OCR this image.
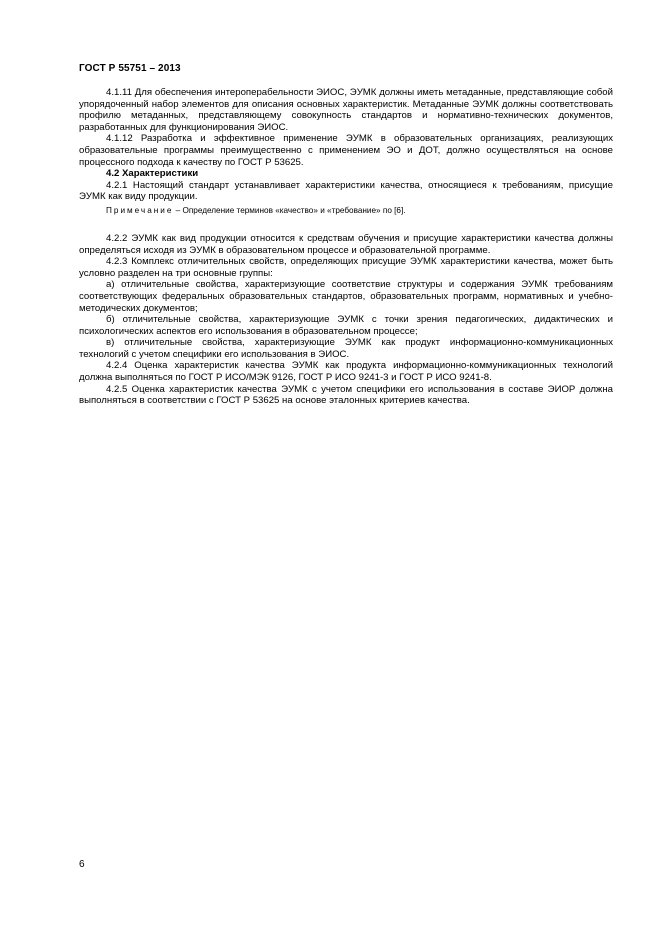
ГОСТ Р 55751 – 2013

4.1.11 Для обеспечения интероперабельности ЭИОС, ЭУМК должны иметь метаданные, представляющие собой упорядоченный набор элементов для описания основных характеристик. Метаданные ЭУМК должны соответствовать профилю метаданных, представляющему совокупность стандартов и нормативно-технических документов, разработанных для функционирования ЭИОС.

4.1.12 Разработка и эффективное применение ЭУМК в образовательных организациях, реализующих образовательные программы преимущественно с применением ЭО и ДОТ, должно осуществляться на основе процессного подхода к качеству по ГОСТ Р 53625.

4.2 Характеристики

4.2.1 Настоящий стандарт устанавливает характеристики качества, относящиеся к требованиям, присущие ЭУМК как виду продукции.

Примечание – Определение терминов «качество» и «требование» по [6].

4.2.2 ЭУМК как вид продукции относится к средствам обучения и присущие характеристики качества должны определяться исходя из ЭУМК в образовательном процессе и образовательной программе.

4.2.3 Комплекс отличительных свойств, определяющих присущие ЭУМК характеристики качества, может быть условно разделен на три основные группы:

а) отличительные свойства, характеризующие соответствие структуры и содержания ЭУМК требованиям соответствующих федеральных образовательных стандартов, образовательных программ, нормативных и учебно-методических документов;

б) отличительные свойства, характеризующие ЭУМК с точки зрения педагогических, дидактических и психологических аспектов его использования в образовательном процессе;

в) отличительные свойства, характеризующие ЭУМК как продукт информационно-коммуникационных технологий с учетом специфики его использования в ЭИОС.

4.2.4 Оценка характеристик качества ЭУМК как продукта информационно-коммуникационных технологий должна выполняться по ГОСТ Р ИСО/МЭК 9126, ГОСТ Р ИСО 9241-3 и ГОСТ Р ИСО 9241-8.

4.2.5 Оценка характеристик качества ЭУМК с учетом специфики его использования в составе ЭИОР должна выполняться в соответствии с ГОСТ Р 53625 на основе эталонных критериев качества.

6
